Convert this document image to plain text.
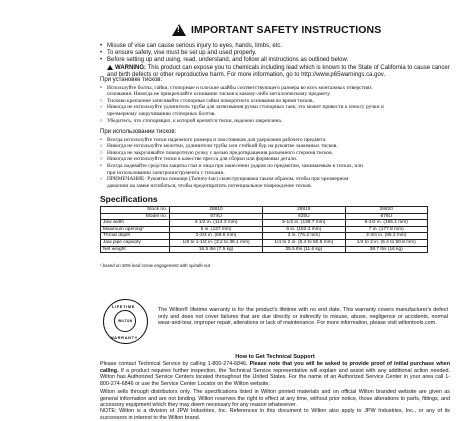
!
IMPORTANT SAFETY INSTRUCTIONS
• Misuse of vise can cause serious injury to eyes, hands, limbs, etc.
• To ensure safety, vise must be set up and used properly.
• Before setting up and using, read, understand, and follow all instructions as outlined below.
WARNING: This product can expose you to chemicals including lead which is known to the State of California to cause cancer and birth defects or other reproductive harm. For more information, go to http://www.p65warnings.ca.gov.
При установке тисков:
• Используйте болты, гайки, стопорные и плоские шайбы соответствующего размера во всех монтажных отверстиях
основания. Никогда не прикрепляйте основание тисков к какому-либо металлическому предмету.
○ Тисково крепление затягивайте стопорные гайки поворотного основания во время тисков.
○ Никогда не используйте удлинитель трубы для затягивания ручки стопорных гаек; это может привести к износу ручки и
чрезмерному закручиванию стопорных болтов.
○ Убедитесь, что стопорящих, к которой крепятся тиски, надежно закреплена.
При использовании тисков:
• Всегда используйте тиски надежного размера и хвостовиков для удержания рабочего предмета.
○ Никогда не используйте молотки, удлинители трубы или стойкий бур на рукоятке зажимных тисков.
○ Никогда не закручивайте поворотную ручку с целью предотвращения разъемного стержня тисков.
○ Никогда не используйте тиски в качестве пресса для сборки или формовки детали.
• Всегда надевайте средства защиты глаз и лица при нанесении ударов по предметам, зажимаемым в тисках, или
при использовании электроинструмента с тисками.
○ ПРИМЕЧАНИЕ: Рукоятка помощи (Tommy-bar) сконструирована таким образом, чтобы при чрезмерном
давлении на замке изгибаться, чтобы предотвратить потенциальное повреждение тисков.
Specifications
Stock no.	28810	28819	28820
Model no.	674U	625U	676U
Jaw width	4-1/2 in. (114.3 mm)	5-1/2 in. (139.7 mm)	6-1/2 in. (165.1 mm)
Maximum opening¹	5 in. (127 mm)	6 in. (152.4 mm)	7 in. (177.8 mm)
Throat depth	2-3/4 in. (69.9 mm)	3 in. (76.2 mm)	3-3/4 in. (95.3 mm)
Jaw pipe capacity	1/8 to 1-1/2 in. (3.2 to 38.1 mm)	1/4 to 2 in. (6.4 to 50.8 mm)	1/4 to 2 in. (6.4 to 50.8 mm)
Net weight	16.5 lbs (7.5 kg)	25.5 lbs (11.6 kg)	38.7 lbs (16 kg)
¹ based on 50% lead screw engagement with spindle nut
LIFETIME
WILTON
WARRANTY
The Wilton® lifetime warranty is for the product's lifetime with no end date. This warranty covers manufacturer's defect only and does not cover failures that are due directly or indirectly to misuse, abuse, negligence or accidents, normal wear-and-tear, improper repair, alterations or lack of maintenance. For more information, please visit wiltontools.com.
How to Get Technical Support
Please contact Technical Service by calling 1-800-274-6846. Please note that you will be asked to provide proof of initial purchase when calling. If a product requires further inspection, the Technical Service representative will explain and assist with any additional action needed. Wilton has Authorized Service Centers located throughout the United States. For the name of an Authorized Service Center in your area call 1-800-274-6846 or use the Service Center Locator on the Wilton website.
Wilton sells through distributors only. The specifications listed in Wilton printed materials and on official Wilton branded website are given as general information and are not binding. Wilton reserves the right to effect at any time, without prior notice, those alterations to parts, fittings, and accessory equipment which they may deem necessary for any reason whatsoever.
NOTE: Wilton is a division of JPW Industries, Inc. References in this document to Wilton also apply to JPW Industries, Inc., or any of its successors in interest to the Wilton brand.
